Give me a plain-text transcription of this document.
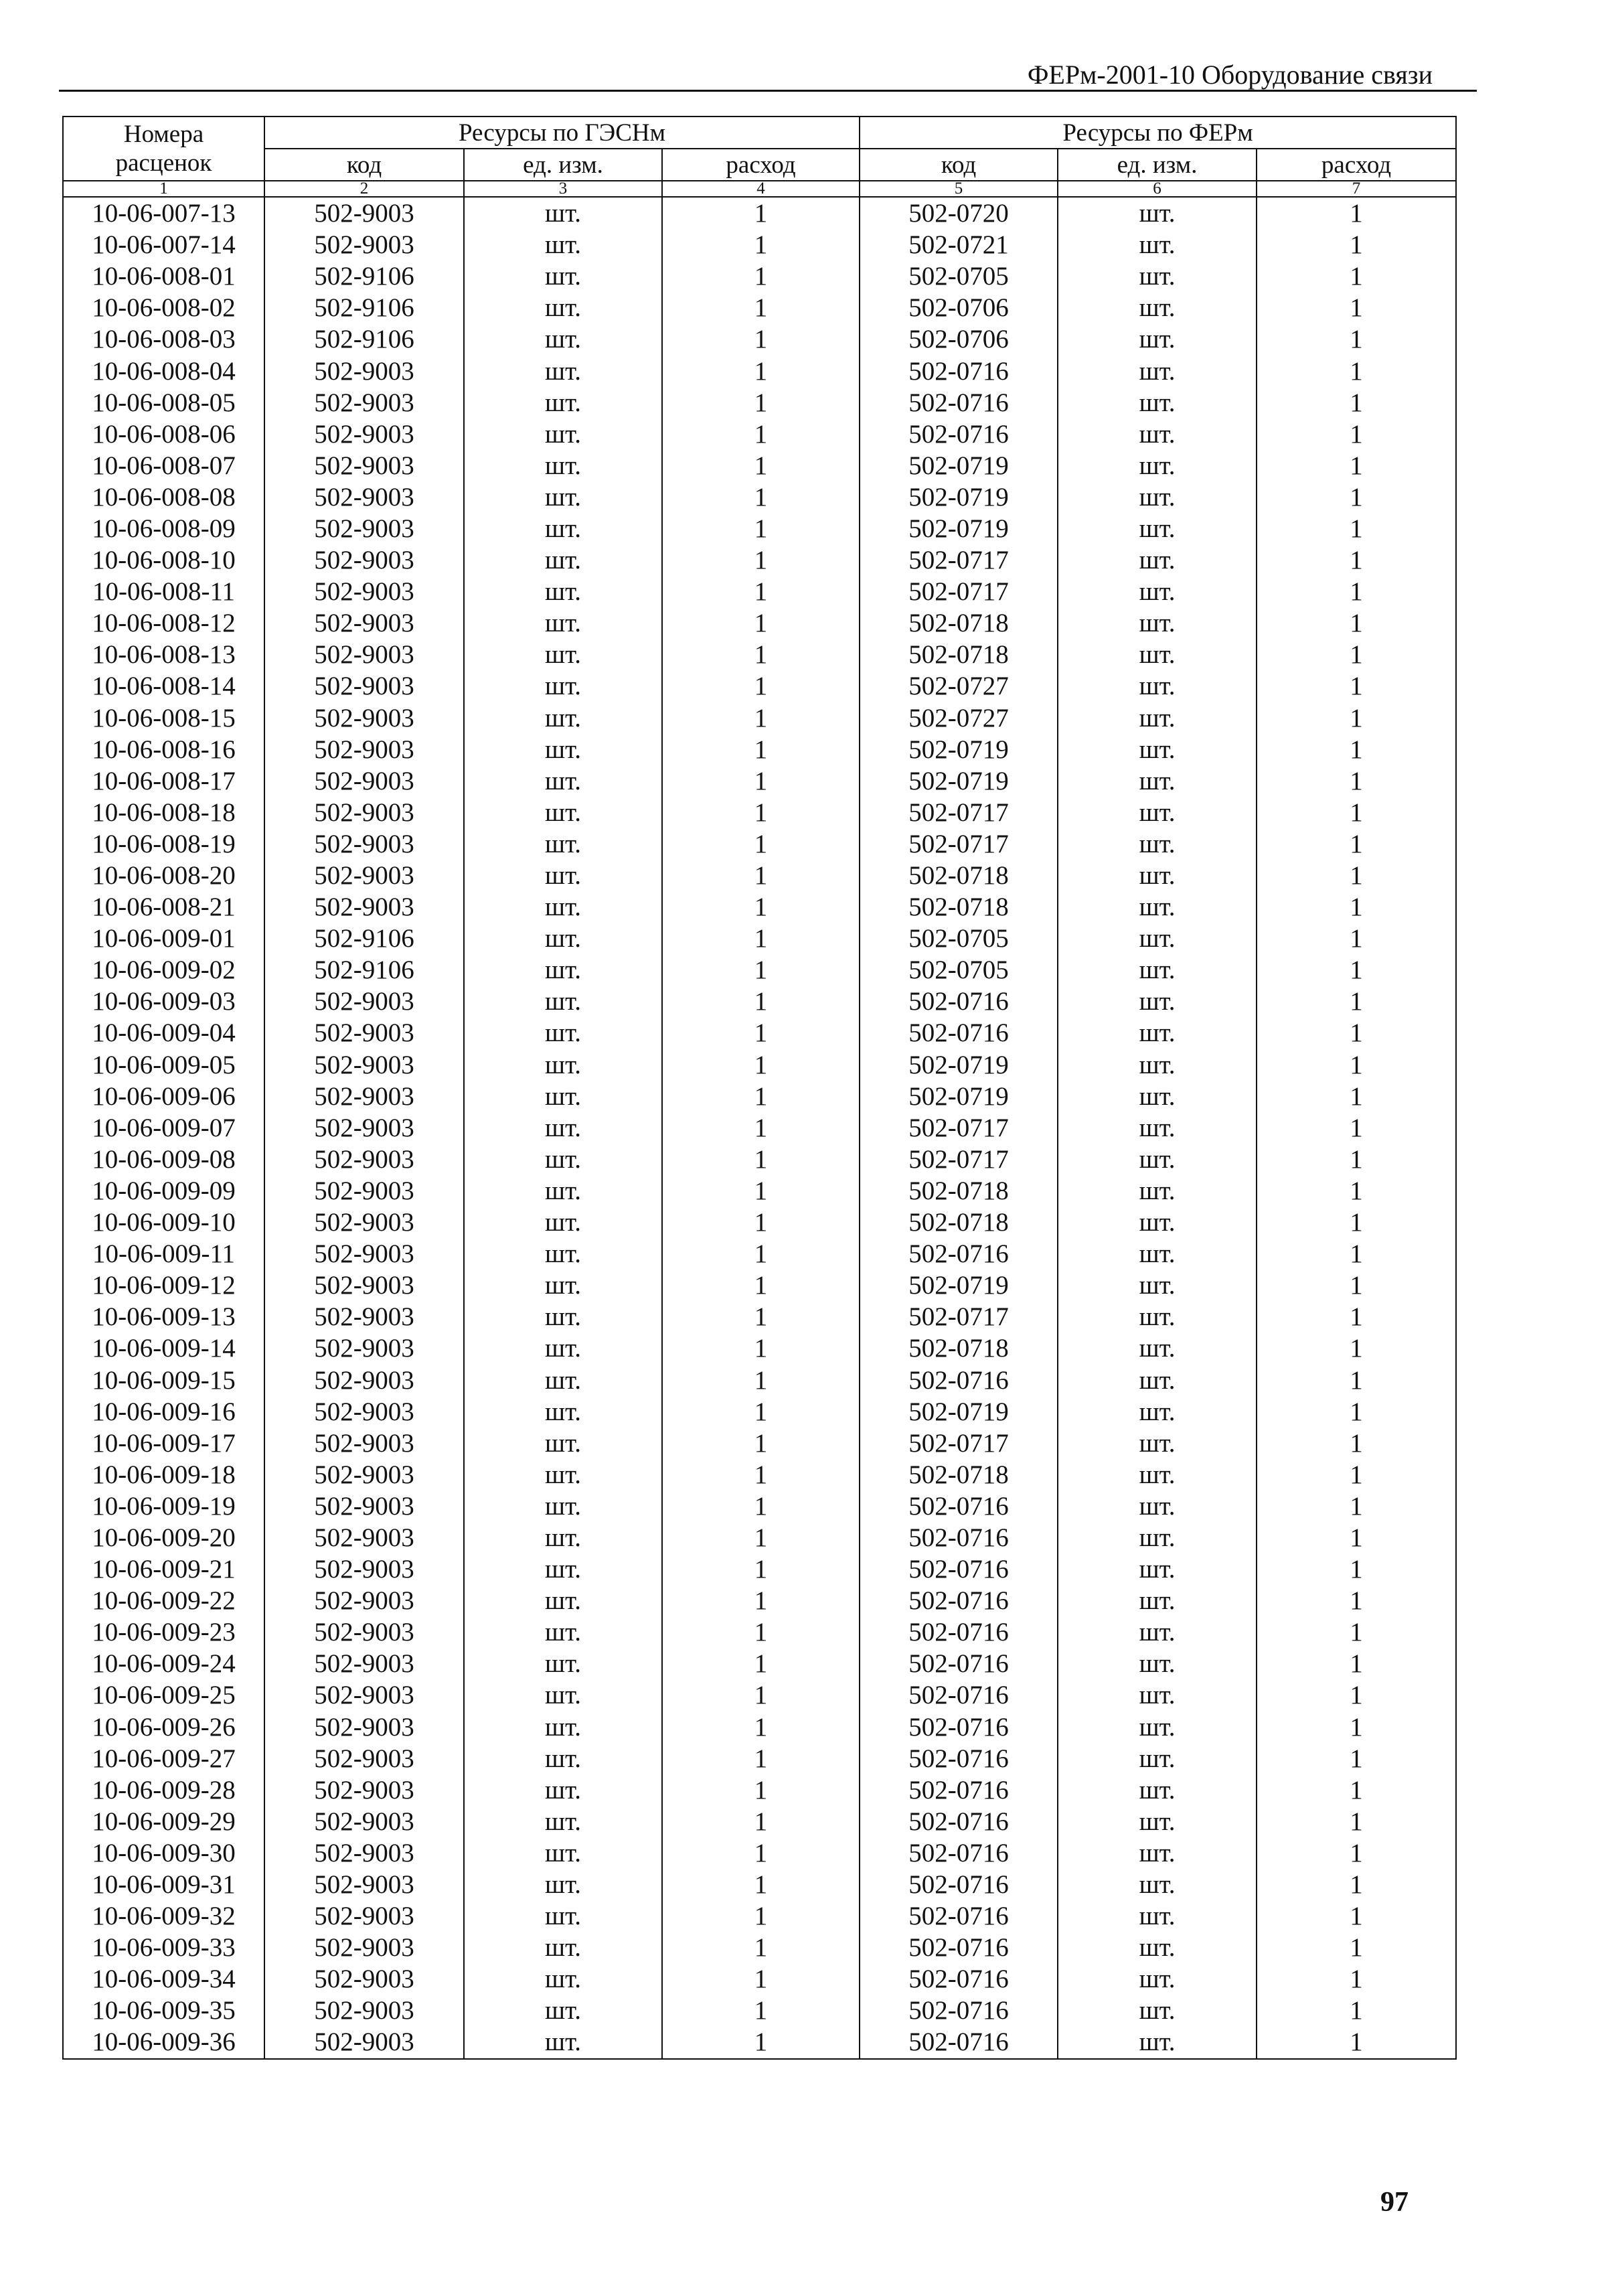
ФЕРм-2001-10 Оборудование связи
Номера
расценок	Ресурсы по ГЭСНм			Ресурсы по ФЕРм		
	код	ед. изм.	расход	код	ед. изм.	расход
1	2	3	4	5	6	7
10-06-007-13	502-9003	шт.	1	502-0720	шт.	1
10-06-007-14	502-9003	шт.	1	502-0721	шт.	1
10-06-008-01	502-9106	шт.	1	502-0705	шт.	1
10-06-008-02	502-9106	шт.	1	502-0706	шт.	1
10-06-008-03	502-9106	шт.	1	502-0706	шт.	1
10-06-008-04	502-9003	шт.	1	502-0716	шт.	1
10-06-008-05	502-9003	шт.	1	502-0716	шт.	1
10-06-008-06	502-9003	шт.	1	502-0716	шт.	1
10-06-008-07	502-9003	шт.	1	502-0719	шт.	1
10-06-008-08	502-9003	шт.	1	502-0719	шт.	1
10-06-008-09	502-9003	шт.	1	502-0719	шт.	1
10-06-008-10	502-9003	шт.	1	502-0717	шт.	1
10-06-008-11	502-9003	шт.	1	502-0717	шт.	1
10-06-008-12	502-9003	шт.	1	502-0718	шт.	1
10-06-008-13	502-9003	шт.	1	502-0718	шт.	1
10-06-008-14	502-9003	шт.	1	502-0727	шт.	1
10-06-008-15	502-9003	шт.	1	502-0727	шт.	1
10-06-008-16	502-9003	шт.	1	502-0719	шт.	1
10-06-008-17	502-9003	шт.	1	502-0719	шт.	1
10-06-008-18	502-9003	шт.	1	502-0717	шт.	1
10-06-008-19	502-9003	шт.	1	502-0717	шт.	1
10-06-008-20	502-9003	шт.	1	502-0718	шт.	1
10-06-008-21	502-9003	шт.	1	502-0718	шт.	1
10-06-009-01	502-9106	шт.	1	502-0705	шт.	1
10-06-009-02	502-9106	шт.	1	502-0705	шт.	1
10-06-009-03	502-9003	шт.	1	502-0716	шт.	1
10-06-009-04	502-9003	шт.	1	502-0716	шт.	1
10-06-009-05	502-9003	шт.	1	502-0719	шт.	1
10-06-009-06	502-9003	шт.	1	502-0719	шт.	1
10-06-009-07	502-9003	шт.	1	502-0717	шт.	1
10-06-009-08	502-9003	шт.	1	502-0717	шт.	1
10-06-009-09	502-9003	шт.	1	502-0718	шт.	1
10-06-009-10	502-9003	шт.	1	502-0718	шт.	1
10-06-009-11	502-9003	шт.	1	502-0716	шт.	1
10-06-009-12	502-9003	шт.	1	502-0719	шт.	1
10-06-009-13	502-9003	шт.	1	502-0717	шт.	1
10-06-009-14	502-9003	шт.	1	502-0718	шт.	1
10-06-009-15	502-9003	шт.	1	502-0716	шт.	1
10-06-009-16	502-9003	шт.	1	502-0719	шт.	1
10-06-009-17	502-9003	шт.	1	502-0717	шт.	1
10-06-009-18	502-9003	шт.	1	502-0718	шт.	1
10-06-009-19	502-9003	шт.	1	502-0716	шт.	1
10-06-009-20	502-9003	шт.	1	502-0716	шт.	1
10-06-009-21	502-9003	шт.	1	502-0716	шт.	1
10-06-009-22	502-9003	шт.	1	502-0716	шт.	1
10-06-009-23	502-9003	шт.	1	502-0716	шт.	1
10-06-009-24	502-9003	шт.	1	502-0716	шт.	1
10-06-009-25	502-9003	шт.	1	502-0716	шт.	1
10-06-009-26	502-9003	шт.	1	502-0716	шт.	1
10-06-009-27	502-9003	шт.	1	502-0716	шт.	1
10-06-009-28	502-9003	шт.	1	502-0716	шт.	1
10-06-009-29	502-9003	шт.	1	502-0716	шт.	1
10-06-009-30	502-9003	шт.	1	502-0716	шт.	1
10-06-009-31	502-9003	шт.	1	502-0716	шт.	1
10-06-009-32	502-9003	шт.	1	502-0716	шт.	1
10-06-009-33	502-9003	шт.	1	502-0716	шт.	1
10-06-009-34	502-9003	шт.	1	502-0716	шт.	1
10-06-009-35	502-9003	шт.	1	502-0716	шт.	1
10-06-009-36	502-9003	шт.	1	502-0716	шт.	1
97
